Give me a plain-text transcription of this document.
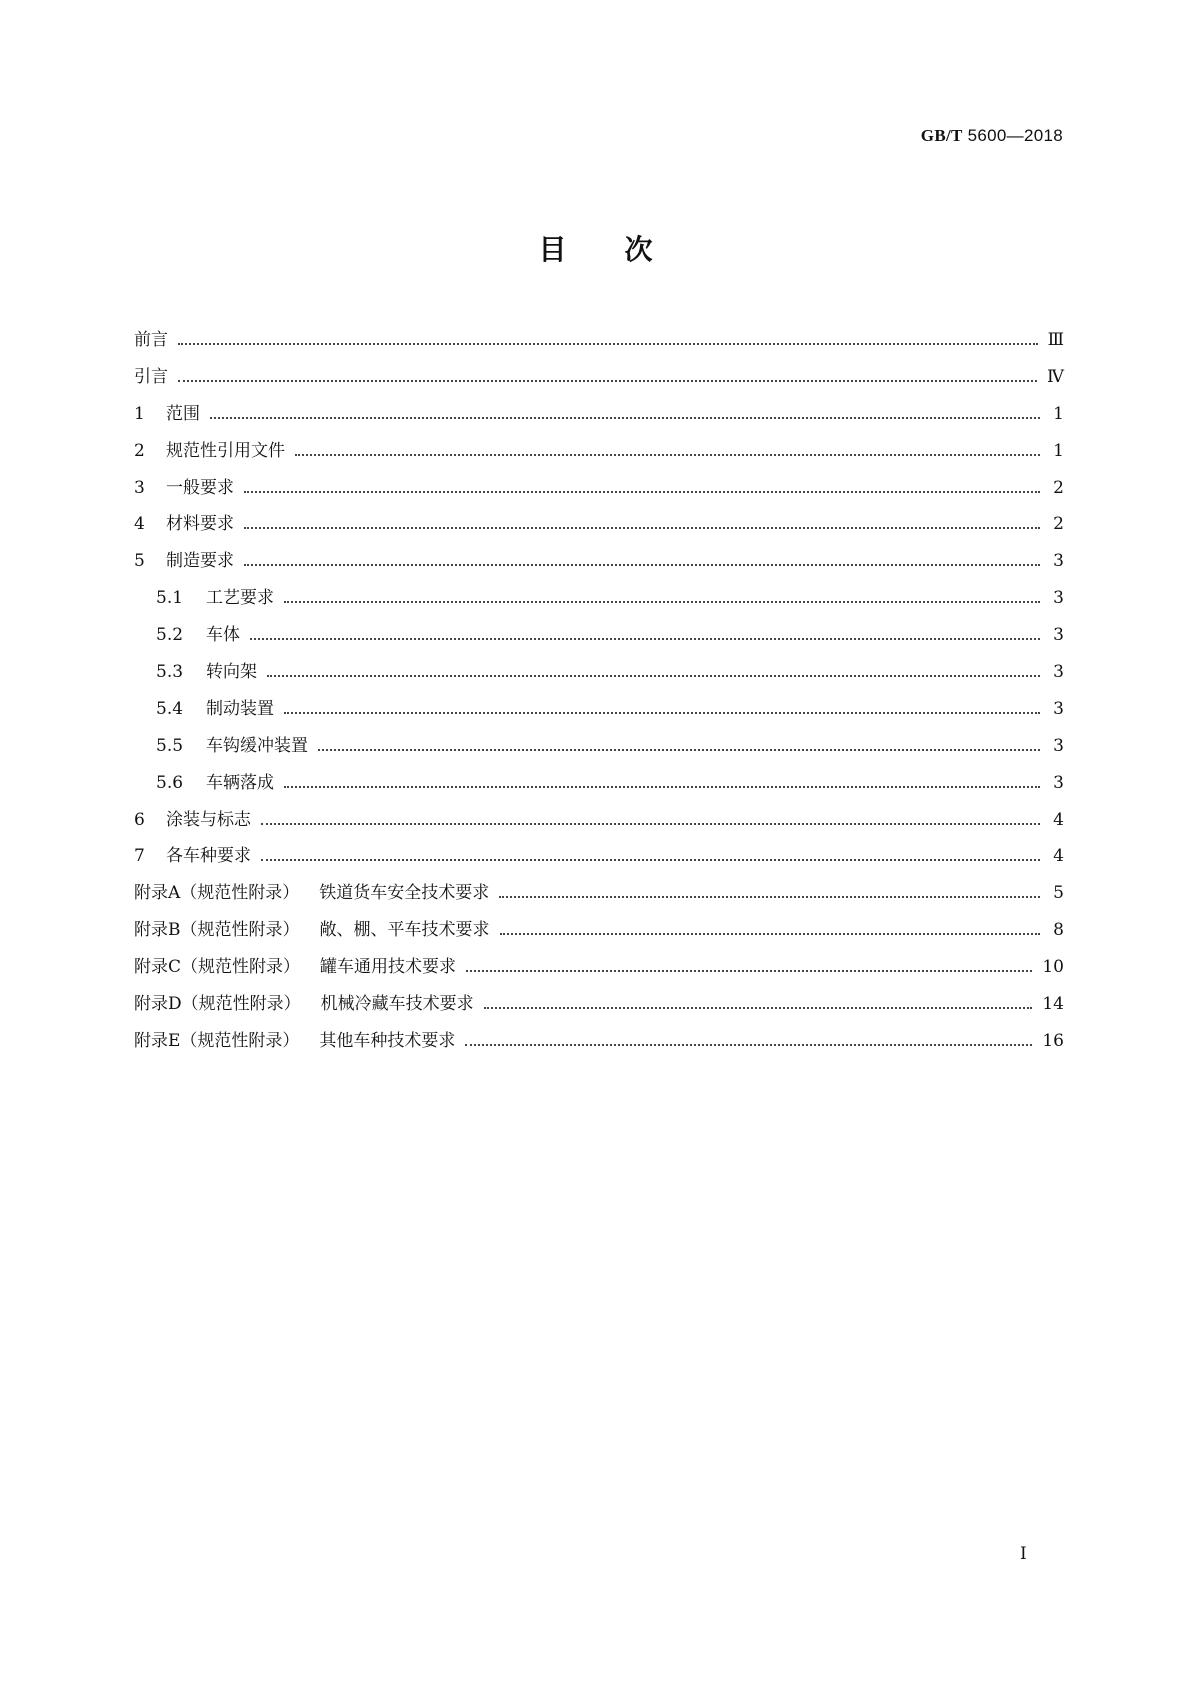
GB/T 5600—2018
目次
前言	Ⅲ
引言	Ⅳ
1	范围	1
2	规范性引用文件	1
3	一般要求	2
4	材料要求	2
5	制造要求	3
5.1	工艺要求	3
5.2	车体	3
5.3	转向架	3
5.4	制动装置	3
5.5	车钩缓冲装置	3
5.6	车辆落成	3
6	涂装与标志	4
7	各车种要求	4
附录A（规范性附录）	铁道货车安全技术要求	5
附录B（规范性附录）	敞、棚、平车技术要求	8
附录C（规范性附录）	罐车通用技术要求	10
附录D（规范性附录）	机械冷藏车技术要求	14
附录E（规范性附录）	其他车种技术要求	16
I
